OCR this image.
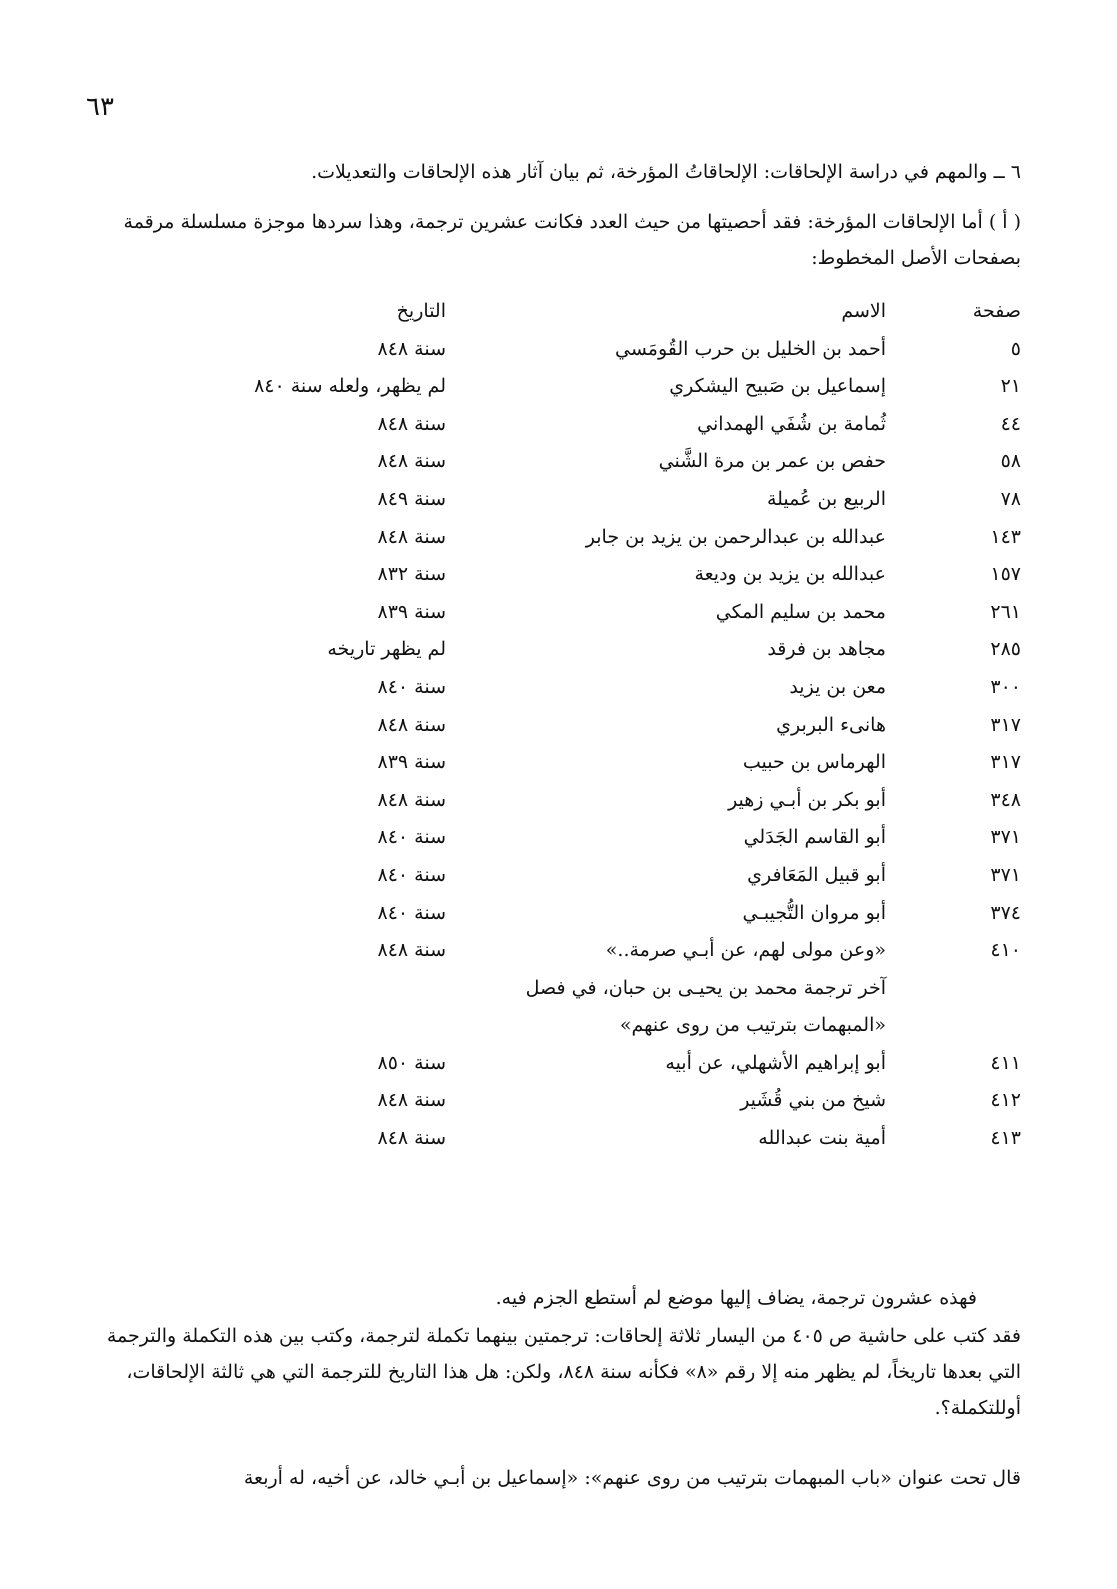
٦٣

٦ ــ والمهم في دراسة الإلحاقات: الإلحاقاتُ المؤرخة، ثم بيان آثار هذه الإلحاقات والتعديلات.

( أ ) أما الإلحاقات المؤرخة: فقد أحصيتها من حيث العدد فكانت عشرين ترجمة، وهذا سردها موجزة مسلسلة مرقمة بصفحات الأصل المخطوط:

صفحة
الاسم
التاريخ
٥
أحمد بن الخليل بن حرب القُومَسي
سنة ٨٤٨
٢١
إسماعيل بن صَبيح اليشكري
لم يظهر، ولعله سنة ٨٤٠
٤٤
ثُمامة بن شُفَي الهمداني
سنة ٨٤٨
٥٨
حفص بن عمر بن مرة الشَّني
سنة ٨٤٨
٧٨
الربيع بن عُميلة
سنة ٨٤٩
١٤٣
عبدالله بن عبدالرحمن بن يزيد بن جابر
سنة ٨٤٨
١٥٧
عبدالله بن يزيد بن وديعة
سنة ٨٣٢
٢٦١
محمد بن سليم المكي
سنة ٨٣٩
٢٨٥
مجاهد بن فرقد
لم يظهر تاريخه
٣٠٠
معن بن يزيد
سنة ٨٤٠
٣١٧
هانىء البربري
سنة ٨٤٨
٣١٧
الهرماس بن حبيب
سنة ٨٣٩
٣٤٨
أبو بكر بن أبـي زهير
سنة ٨٤٨
٣٧١
أبو القاسم الجَدَلي
سنة ٨٤٠
٣٧١
أبو قبيل المَعَافري
سنة ٨٤٠
٣٧٤
أبو مروان التُّجيبـي
سنة ٨٤٠
٤١٠
«وعن مولى لهم، عن أبـي صرمة..»
سنة ٨٤٨
آخر ترجمة محمد بن يحيـى بن حبان، في فصل
«المبهمات بترتيب من روى عنهم»
٤١١
أبو إبراهيم الأشهلي، عن أبيه
سنة ٨٥٠
٤١٢
شيخ من بني قُشَير
سنة ٨٤٨
٤١٣
أمية بنت عبدالله
سنة ٨٤٨

فهذه عشرون ترجمة، يضاف إليها موضع لم أستطع الجزم فيه.

فقد كتب على حاشية ص ٤٠٥ من اليسار ثلاثة إلحاقات: ترجمتين بينهما تكملة لترجمة، وكتب بين هذه التكملة والترجمة التي بعدها تاريخاً، لم يظهر منه إلا رقم «٨» فكأنه سنة ٨٤٨، ولكن: هل هذا التاريخ للترجمة التي هي ثالثة الإلحاقات، أوللتكملة؟.

قال تحت عنوان «باب المبهمات بترتيب من روى عنهم»: «إسماعيل بن أبـي خالد، عن أخيه، له أربعة
